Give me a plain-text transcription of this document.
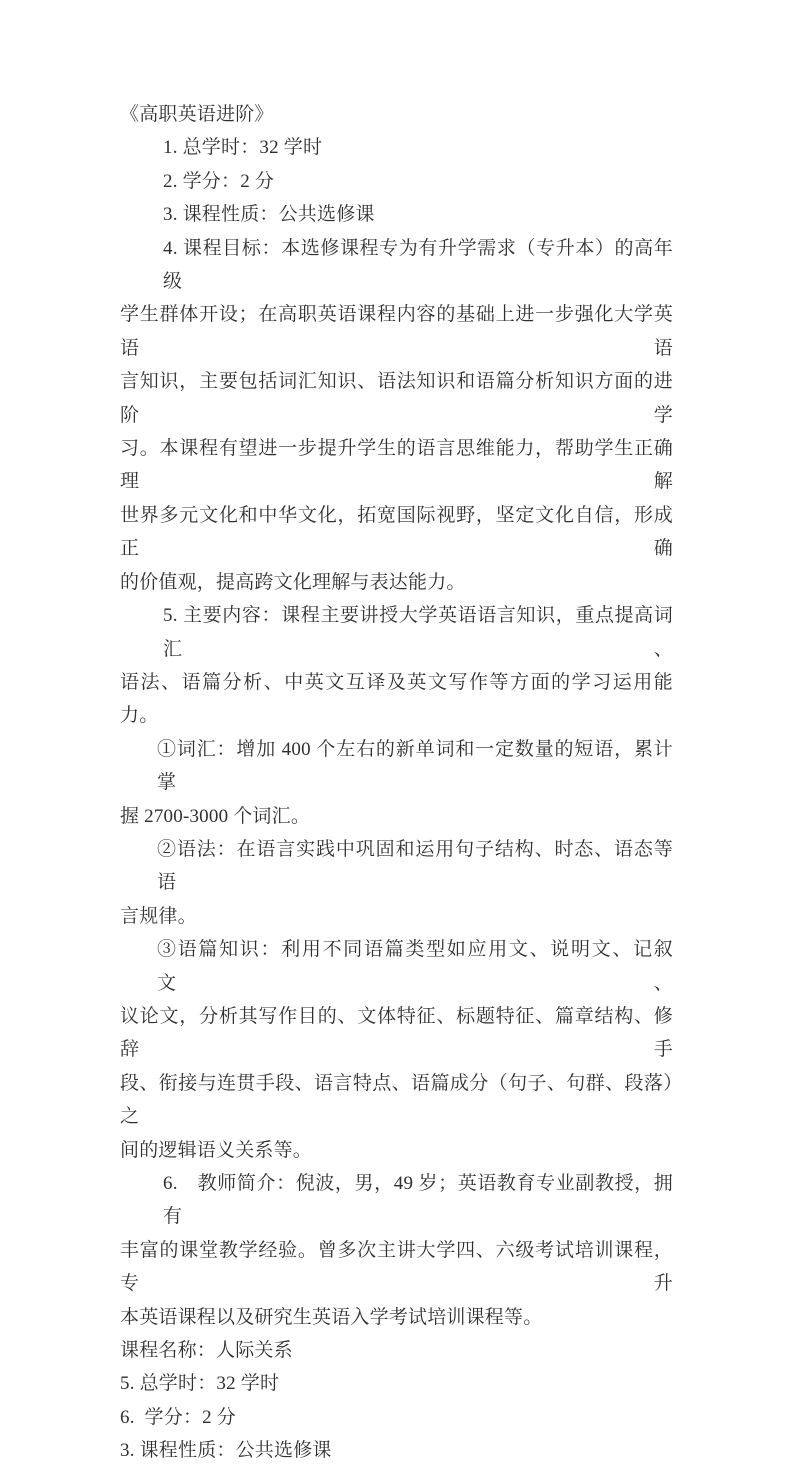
《高职英语进阶》
1. 总学时：32 学时
2. 学分：2 分
3. 课程性质：公共选修课
4. 课程目标：本选修课程专为有升学需求（专升本）的高年级
学生群体开设；在高职英语课程内容的基础上进一步强化大学英语语
言知识，主要包括词汇知识、语法知识和语篇分析知识方面的进阶学
习。本课程有望进一步提升学生的语言思维能力，帮助学生正确理解
世界多元文化和中华文化，拓宽国际视野，坚定文化自信，形成正确
的价值观，提高跨文化理解与表达能力。
5. 主要内容：课程主要讲授大学英语语言知识，重点提高词汇、
语法、语篇分析、中英文互译及英文写作等方面的学习运用能力。
①词汇：增加 400 个左右的新单词和一定数量的短语，累计掌
握 2700-3000 个词汇。
②语法：在语言实践中巩固和运用句子结构、时态、语态等语
言规律。
③语篇知识：利用不同语篇类型如应用文、说明文、记叙文、
议论文，分析其写作目的、文体特征、标题特征、篇章结构、修辞手
段、衔接与连贯手段、语言特点、语篇成分（句子、句群、段落）之
间的逻辑语义关系等。
6.　教师简介：倪波，男，49 岁；英语教育专业副教授，拥有
丰富的课堂教学经验。曾多次主讲大学四、六级考试培训课程，专升
本英语课程以及研究生英语入学考试培训课程等。
课程名称：人际关系
5. 总学时：32 学时
6.  学分：2 分
3. 课程性质：公共选修课
